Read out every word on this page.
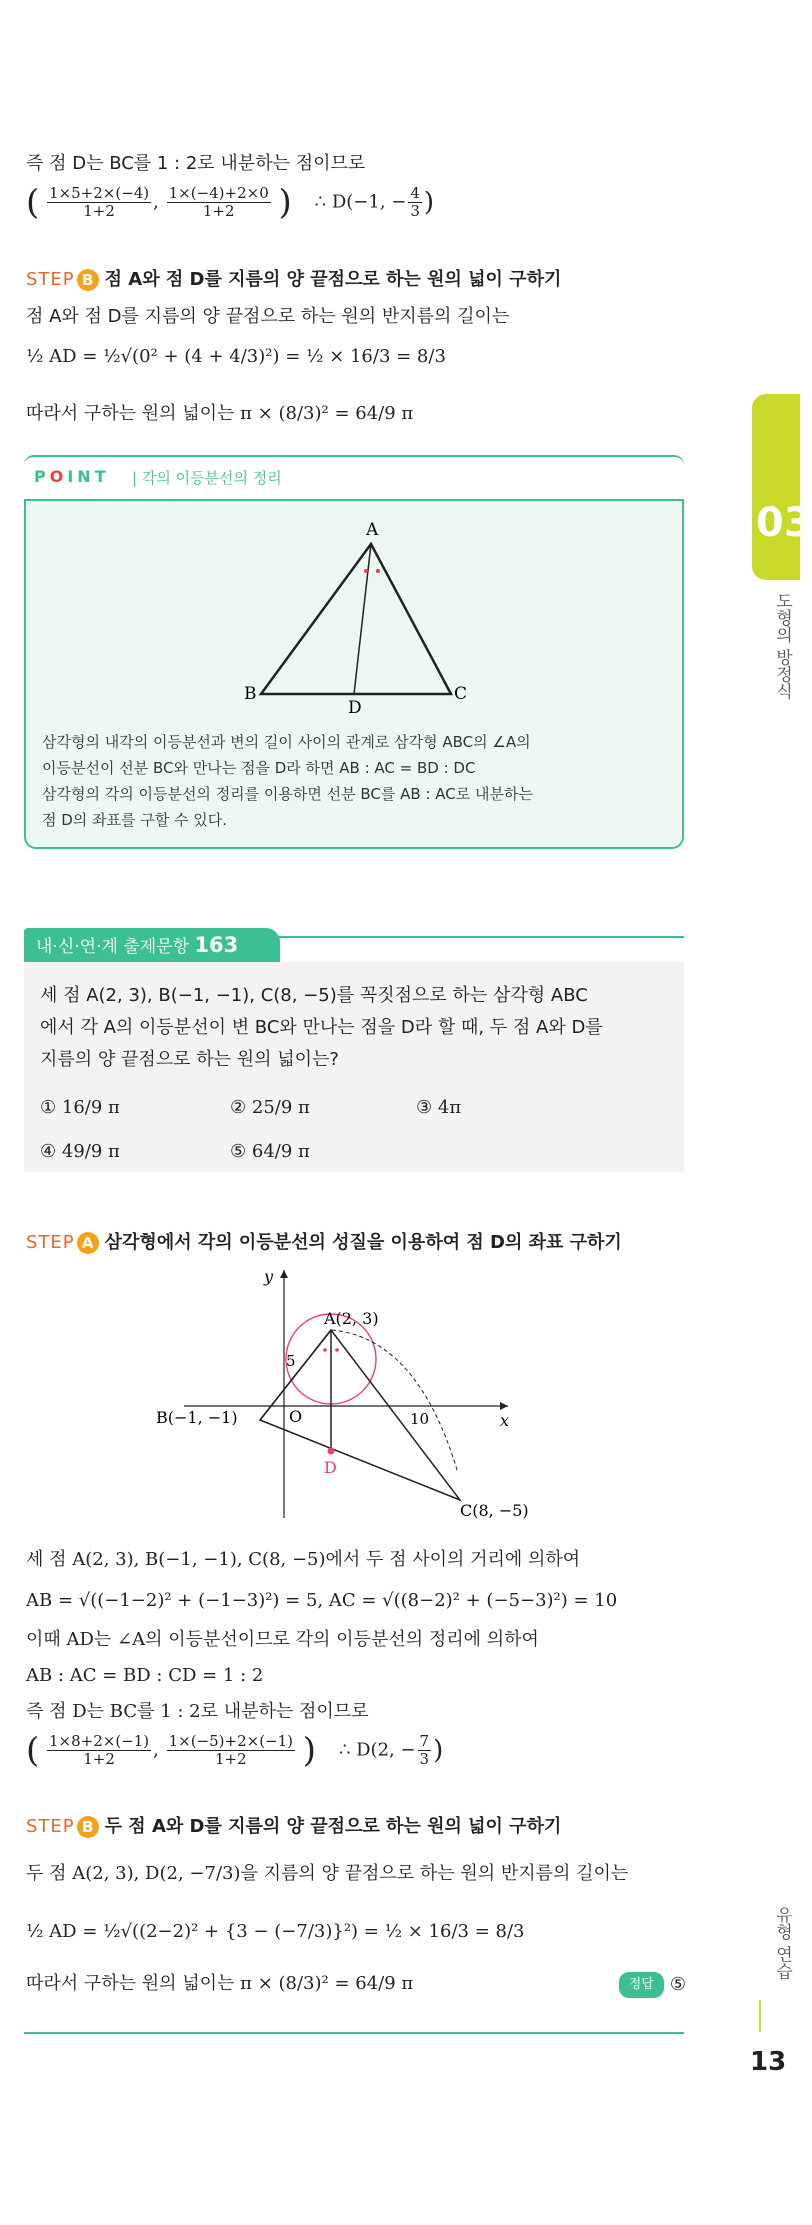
즉 점 D는 BC를 1 : 2로 내분하는 점이므로
( $\frac{1\times 5+2\times(-4)}{1+2}$ , $\frac{1\times(-4)+2\times 0}{1+2}$ ) ∴ D(−1, − $\frac{4}{3}$ )
STEP B 점 A와 점 D를 지름의 양 끝점으로 하는 원의 넓이 구하기
점 A와 점 D를 지름의 양 끝점으로 하는 원의 반지름의 길이는
½ AD = ½√(0² + (4 + 4/3)²) = ½ × 16/3 = 8/3
따라서 구하는 원의 넓이는 π × (8/3)² = 64/9 π
POINT | 각의 이등분선의 정리
A
B	C
D
삼각형의 내각의 이등분선과 변의 길이 사이의 관계로 삼각형 ABC의 ∠A의
이등분선이 선분 BC와 만나는 점을 D라 하면 AB : AC = BD : DC
삼각형의 각의 이등분선의 정리를 이용하면 선분 BC를 AB : AC로 내분하는
점 D의 좌표를 구할 수 있다.
내·신·연·계 출제문항 163
세 점 A(2, 3), B(−1, −1), C(8, −5)를 꼭짓점으로 하는 삼각형 ABC
에서 각 A의 이등분선이 변 BC와 만나는 점을 D라 할 때, 두 점 A와 D를
지름의 양 끝점으로 하는 원의 넓이는?
① 16/9 π	② 25/9 π	③ 4π
④ 49/9 π	⑤ 64/9 π
STEP A 삼각형에서 각의 이등분선의 성질을 이용하여 점 D의 좌표 구하기
y
x
A(2, 3)
B(−1, −1)
C(8, −5)
O
D
5
10
세 점 A(2, 3), B(−1, −1), C(8, −5)에서 두 점 사이의 거리에 의하여
AB = √((−1−2)² + (−1−3)²) = 5, AC = √((8−2)² + (−5−3)²) = 10
이때 AD는 ∠A의 이등분선이므로 각의 이등분선의 정리에 의하여
AB : AC = BD : CD = 1 : 2
즉 점 D는 BC를 1 : 2로 내분하는 점이므로
( $\frac{1\times 8+2\times(-1)}{1+2}$ , $\frac{1\times(-5)+2\times(-1)}{1+2}$ ) ∴ D(2, − $\frac{7}{3}$ )
STEP B 두 점 A와 D를 지름의 양 끝점으로 하는 원의 넓이 구하기
두 점 A(2, 3), D(2, −7/3)을 지름의 양 끝점으로 하는 원의 반지름의 길이는
½ AD = ½√((2−2)² + {3 − (−7/3)}²) = ½ × 16/3 = 8/3
따라서 구하는 원의 넓이는 π × (8/3)² = 64/9 π	정답 ⑤
03
도형의 방정식
유형 연습
13
